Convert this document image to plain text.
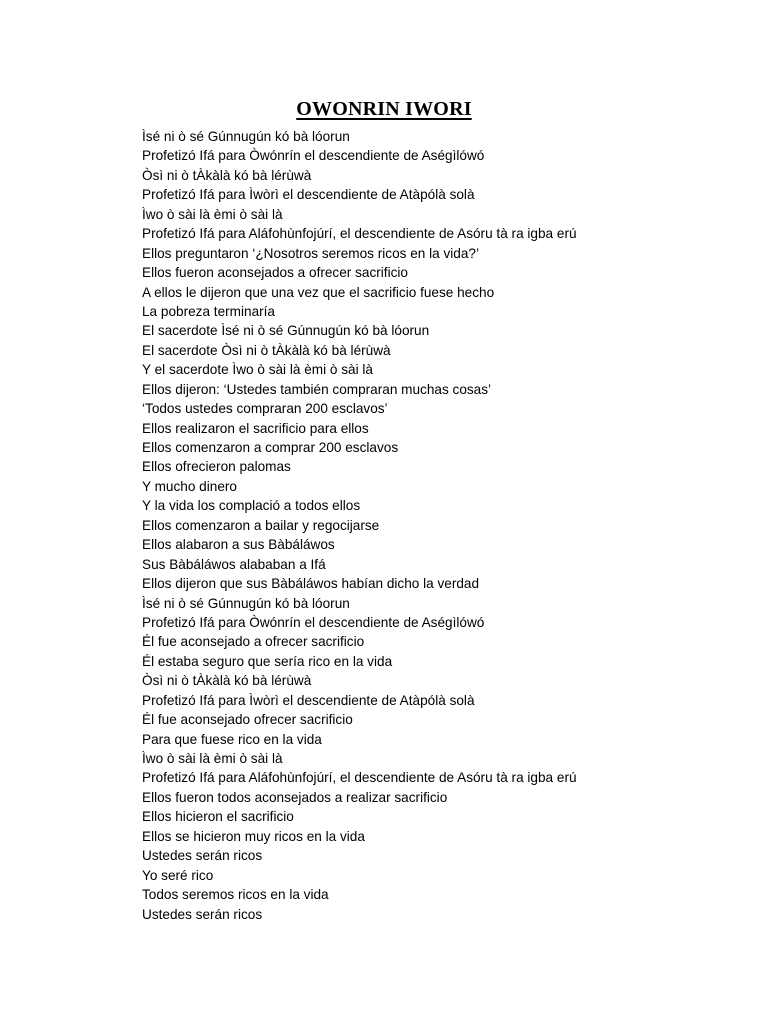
OWONRIN IWORI
Ìsé ni ò sé Gúnnugún kó bà lóorun
Profetizó Ifá para Òwónrín el descendiente de Aségìlówó
Òsì ni ò tÀkàlà kó bà lérùwà
Profetizó Ifá para Ìwòrì el descendiente de Atàpólà solà
Ìwo ò sài là èmi ò sài là
Profetizó Ifá para Aláfohùnfojúrí, el descendiente de Asóru tà ra igba erú
Ellos preguntaron ‘¿Nosotros seremos ricos en la vida?’
Ellos fueron aconsejados a ofrecer sacrificio
A ellos le dijeron que una vez que el sacrificio fuese hecho
La pobreza terminaría
El sacerdote Ìsé ni ò sé Gúnnugún kó bà lóorun
El sacerdote Òsì ni ò tÀkàlà kó bà lérùwà
Y el sacerdote Ìwo ò sài là èmi ò sài là
Ellos dijeron: ‘Ustedes también compraran muchas cosas’
‘Todos ustedes compraran 200 esclavos’
Ellos realizaron el sacrificio para ellos
Ellos comenzaron a comprar 200 esclavos
Ellos ofrecieron palomas
Y mucho dinero
Y la vida los complació a todos ellos
Ellos comenzaron a bailar y regocijarse
Ellos alabaron a sus Bàbáláwos
Sus Bàbáláwos alababan a Ifá
Ellos dijeron que sus Bàbáláwos habían dicho la verdad
Ìsé ni ò sé Gúnnugún kó bà lóorun
Profetizó Ifá para Òwónrín el descendiente de Aségìlówó
Él fue aconsejado a ofrecer sacrificio
Él estaba seguro que sería rico en la vida
Òsì ni ò tÀkàlà kó bà lérùwà
Profetizó Ifá para Ìwòrì el descendiente de Atàpólà solà
Él fue aconsejado ofrecer sacrificio
Para que fuese rico en la vida
Ìwo ò sài là èmi ò sài là
Profetizó Ifá para Aláfohùnfojúrí, el descendiente de Asóru tà ra igba erú
Ellos fueron todos aconsejados a realizar sacrificio
Ellos hicieron el sacrificio
Ellos se hicieron muy ricos en la vida
Ustedes serán ricos
Yo seré rico
Todos seremos ricos en la vida
Ustedes serán ricos
